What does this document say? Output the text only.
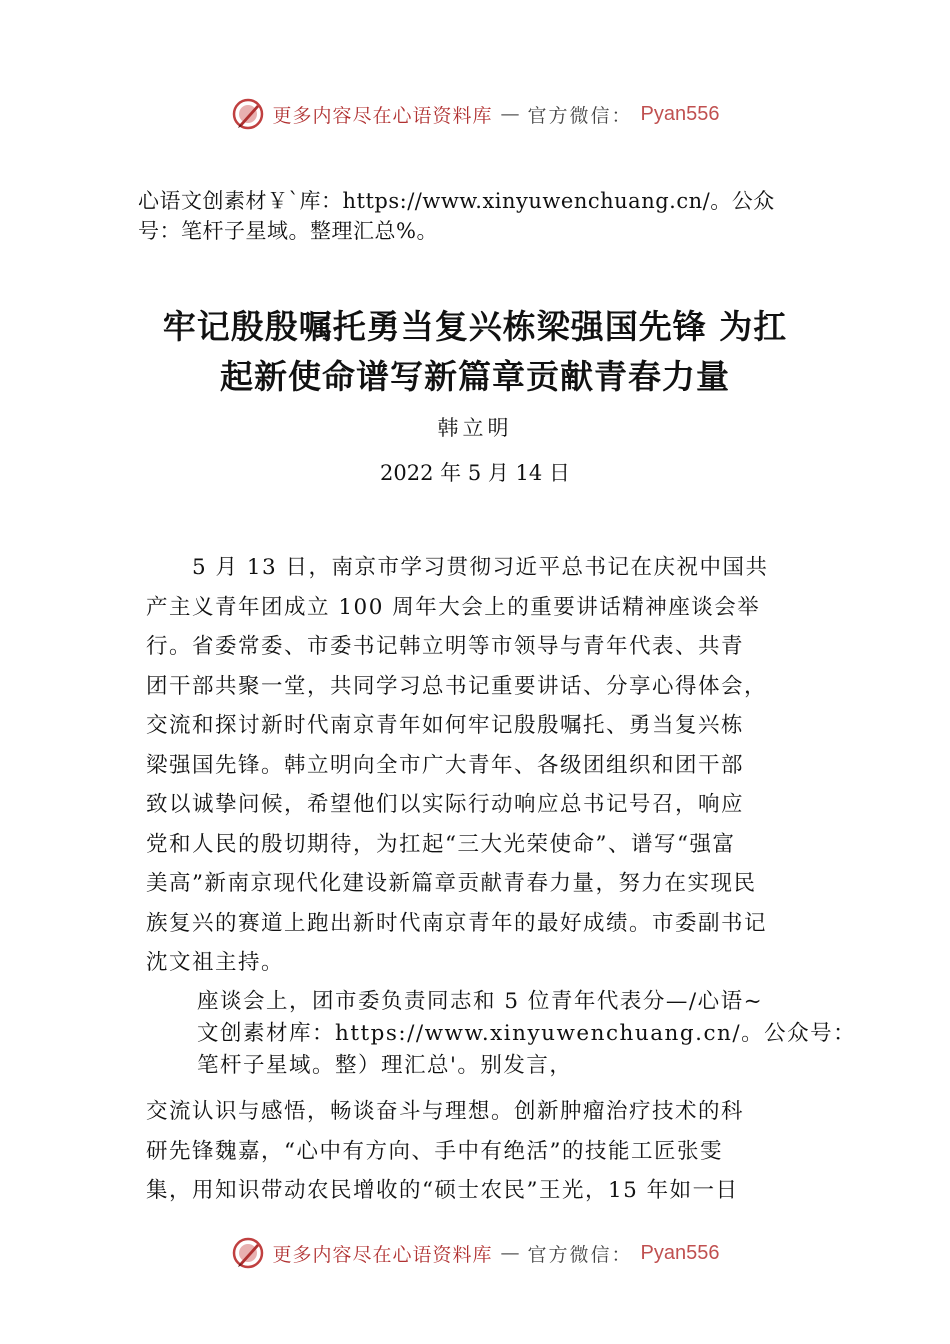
更多内容尽在心语资料库 — 官方微信： Pyan556
心语文创素材￥`库：https://www.xinyuwenchuang.cn/。公众
号：笔杆子星域。整理汇总%。
牢记殷殷嘱托勇当复兴栋梁强国先锋 为扛
起新使命谱写新篇章贡献青春力量
韩立明
2022 年 5 月 14 日
　　5 月 13 日，南京市学习贯彻习近平总书记在庆祝中国共
产主义青年团成立 100 周年大会上的重要讲话精神座谈会举
行。省委常委、市委书记韩立明等市领导与青年代表、共青
团干部共聚一堂，共同学习总书记重要讲话、分享心得体会，
交流和探讨新时代南京青年如何牢记殷殷嘱托、勇当复兴栋
梁强国先锋。韩立明向全市广大青年、各级团组织和团干部
致以诚挚问候，希望他们以实际行动响应总书记号召，响应
党和人民的殷切期待，为扛起“三大光荣使命”、谱写“强富
美高”新南京现代化建设新篇章贡献青春力量，努力在实现民
族复兴的赛道上跑出新时代南京青年的最好成绩。市委副书记
沈文祖主持。
座谈会上，团市委负责同志和 5 位青年代表分—/心语~
文创素材库：https://www.xinyuwenchuang.cn/。公众号：
笔杆子星域。整）理汇总'。别发言，
交流认识与感悟，畅谈奋斗与理想。创新肿瘤治疗技术的科
研先锋魏嘉，“心中有方向、手中有绝活”的技能工匠张雯
集，用知识带动农民增收的“硕士农民”王光，15 年如一日
更多内容尽在心语资料库 — 官方微信： Pyan556
